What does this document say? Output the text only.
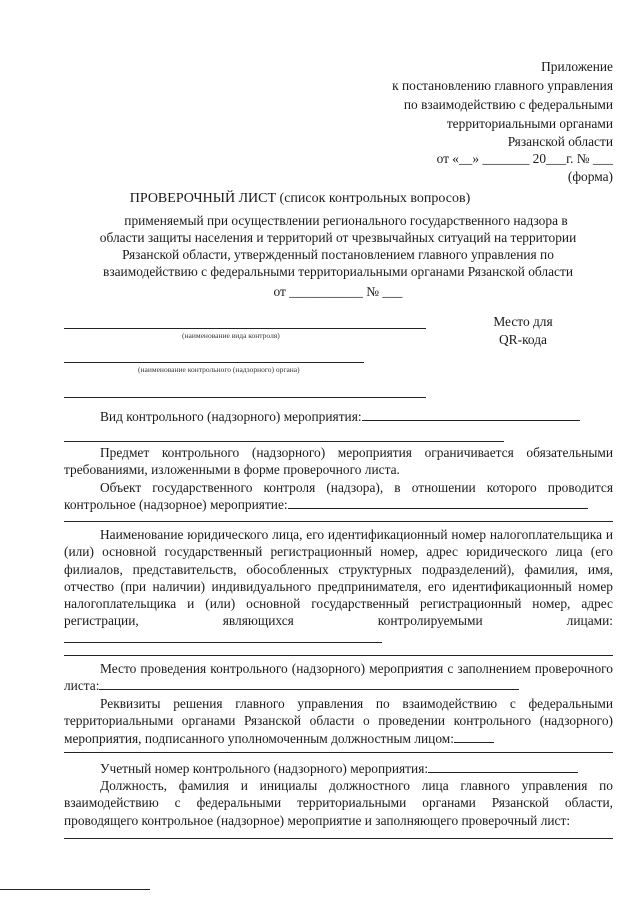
Приложение
к постановлению главного управления
по взаимодействию с федеральными
территориальными органами
Рязанской области
от «__» _______ 20___г. № ___
(форма)
ПРОВЕРОЧНЫЙ ЛИСТ (список контрольных вопросов)
применяемый при осуществлении регионального государственного надзора в
области защиты населения и территорий от чрезвычайных ситуаций на территории
Рязанской области, утвержденный постановлением главного управления по
взаимодействию с федеральными территориальными органами Рязанской области
от ___________ № ___
(наименование вида контроля)
(наименование контрольного (надзорного) органа)
Место для
QR-кода
Вид контрольного (надзорного) мероприятия:
Предмет контрольного (надзорного) мероприятия ограничивается обязательными требованиями, изложенными в форме проверочного листа.
Объект государственного контроля (надзора), в отношении которого проводится контрольное (надзорное) мероприятие:
Наименование юридического лица, его идентификационный номер налогоплательщика и (или) основной государственный регистрационный номер, адрес юридического лица (его филиалов, представительств, обособленных структурных подразделений), фамилия, имя, отчество (при наличии) индивидуального предпринимателя, его идентификационный номер налогоплательщика и (или) основной государственный регистрационный номер, адрес регистрации, являющихся контролируемыми лицами:
Место проведения контрольного (надзорного) мероприятия с заполнением проверочного листа:
Реквизиты решения главного управления по взаимодействию с федеральными территориальными органами Рязанской области о проведении контрольного (надзорного) мероприятия, подписанного уполномоченным должностным лицом:
Учетный номер контрольного (надзорного) мероприятия:
Должность, фамилия и инициалы должностного лица главного управления по взаимодействию с федеральными территориальными органами Рязанской области, проводящего контрольное (надзорное) мероприятие и заполняющего проверочный лист:
